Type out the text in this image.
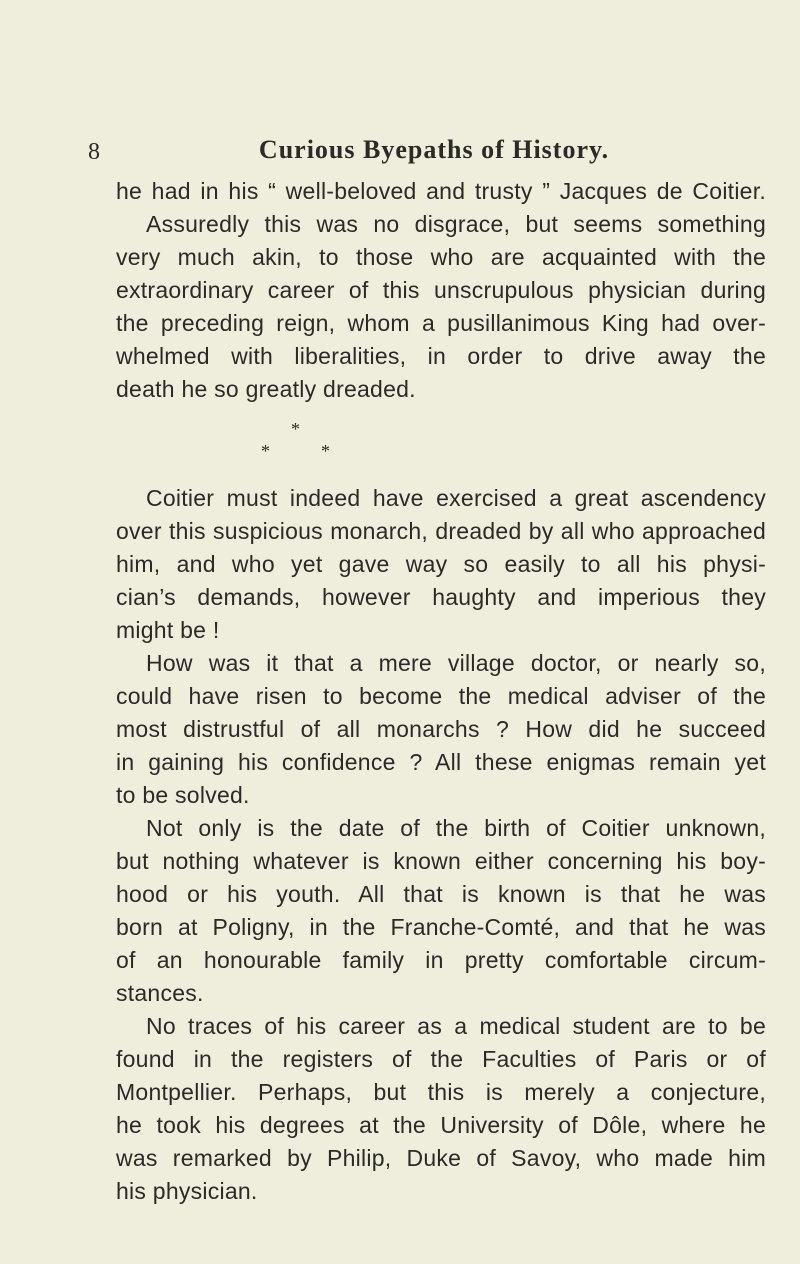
8	Curious Byepaths of History.
he had in his “ well-beloved and trusty ” Jacques de Coitier.
Assuredly this was no disgrace, but seems something
very much akin, to those who are acquainted with the
extraordinary career of this unscrupulous physician during
the preceding reign, whom a pusillanimous King had over-
whelmed with liberalities, in order to drive away the
death he so greatly dreaded.
*
*	*
Coitier must indeed have exercised a great ascendency
over this suspicious monarch, dreaded by all who approached
him, and who yet gave way so easily to all his physi-
cian’s demands, however haughty and imperious they
might be !
How was it that a mere village doctor, or nearly so,
could have risen to become the medical adviser of the
most distrustful of all monarchs ? How did he succeed
in gaining his confidence ? All these enigmas remain yet
to be solved.
Not only is the date of the birth of Coitier unknown,
but nothing whatever is known either concerning his boy-
hood or his youth. All that is known is that he was
born at Poligny, in the Franche-Comté, and that he was
of an honourable family in pretty comfortable circum-
stances.
No traces of his career as a medical student are to be
found in the registers of the Faculties of Paris or of
Montpellier. Perhaps, but this is merely a conjecture,
he took his degrees at the University of Dôle, where he
was remarked by Philip, Duke of Savoy, who made him
his physician.
